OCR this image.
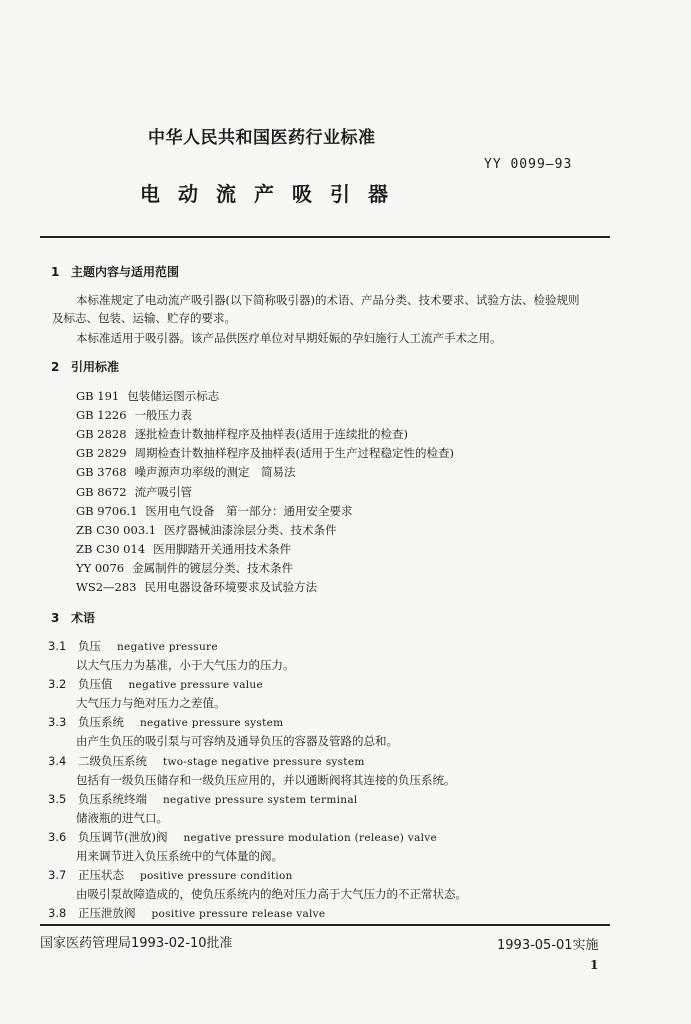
中华人民共和国医药行业标准
YY 0099—93
电动流产吸引器
1 主题内容与适用范围
本标准规定了电动流产吸引器(以下简称吸引器)的术语、产品分类、技术要求、试验方法、检验规则
及标志、包装、运输、贮存的要求。
本标准适用于吸引器。该产品供医疗单位对早期妊娠的孕妇施行人工流产手术之用。
2 引用标准
GB 191 包装储运图示标志
GB 1226 一般压力表
GB 2828 逐批检查计数抽样程序及抽样表(适用于连续批的检查)
GB 2829 周期检查计数抽样程序及抽样表(适用于生产过程稳定性的检查)
GB 3768 噪声源声功率级的测定　简易法
GB 8672 流产吸引管
GB 9706.1 医用电气设备　第一部分：通用安全要求
ZB C30 003.1 医疗器械油漆涂层分类、技术条件
ZB C30 014 医用脚踏开关通用技术条件
YY 0076 金属制件的镀层分类、技术条件
WS2—283 民用电器设备环境要求及试验方法
3 术语
3.1 负压 negative pressure
以大气压力为基准，小于大气压力的压力。
3.2 负压值 negative pressure value
大气压力与绝对压力之差值。
3.3 负压系统 negative pressure system
由产生负压的吸引泵与可容纳及通导负压的容器及管路的总和。
3.4 二级负压系统 two-stage negative pressure system
包括有一级负压储存和一级负压应用的，并以通断阀将其连接的负压系统。
3.5 负压系统终端 negative pressure system terminal
储液瓶的进气口。
3.6 负压调节(泄放)阀 negative pressure modulation (release) valve
用来调节进入负压系统中的气体量的阀。
3.7 正压状态 positive pressure condition
由吸引泵故障造成的，使负压系统内的绝对压力高于大气压力的不正常状态。
3.8 正压泄放阀 positive pressure release valve
国家医药管理局1993-02-10批准	1993-05-01实施
1
